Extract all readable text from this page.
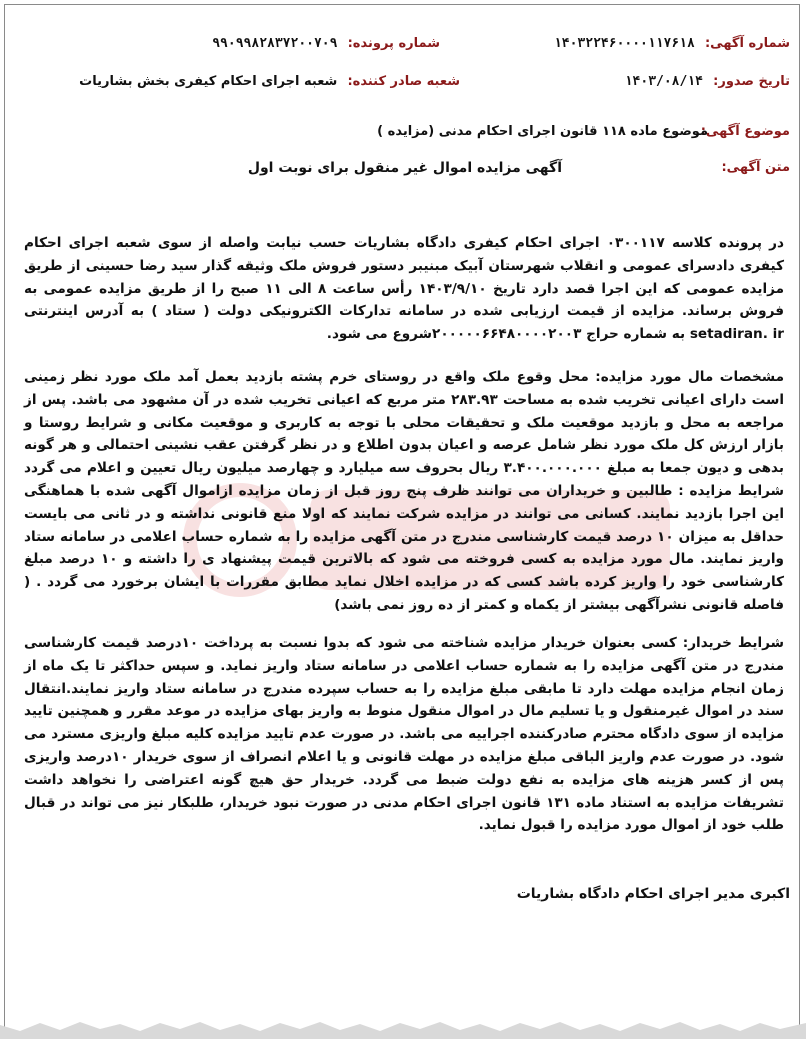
شماره آگهی: ۱۴۰۳۲۲۴۶۰۰۰۰۱۱۷۶۱۸
شماره پرونده: ۹۹۰۹۹۸۲۸۳۷۲۰۰۷۰۹
تاریخ صدور: ۱۴۰۳/۰۸/۱۴
شعبه صادر کننده: شعبه اجرای احکام کیفری بخش بشاریات
موضوع آگهی:
موضوع ماده ۱۱۸ قانون اجرای احکام مدنی (مزایده )
متن آگهی:
آگهی مزایده اموال غیر منقول برای نوبت اول
در پرونده کلاسه ۰۳۰۰۱۱۷ اجرای احکام کیفری دادگاه بشاریات حسب نیابت واصله از سوی شعبه اجرای احکام کیفری دادسرای عمومی و انقلاب شهرستان آبیک مبنیبر دستور فروش ملک وثیقه گذار سید رضا حسینی از طریق مزایده عمومی که این اجرا قصد دارد تاریخ ۱۴۰۳/۹/۱۰ رأس ساعت ۸ الی ۱۱ صبح را از طریق مزایده عمومی به فروش برساند. مزایده از قیمت ارزیابی شده در سامانه تدارکات الکترونیکی دولت ( ستاد ) به آدرس اینترنتی setadiran. ir به شماره حراج ۲۰۰۰۰۰۶۶۴۸۰۰۰۰۲۰۰۳شروع می شود.
مشخصات مال مورد مزایده: محل وقوع ملک واقع در روستای خرم پشته بازدید بعمل آمد ملک مورد نظر زمینی است دارای اعیانی تخریب شده به مساحت ۲۸۳.۹۳ متر مربع که اعیانی تخریب شده در آن مشهود می باشد. پس از مراجعه به محل و بازدید موقعیت ملک و تحقیقات محلی با توجه به کاربری و موقعیت مکانی و شرایط روستا و بازار ارزش کل ملک مورد نظر شامل عرصه و اعیان بدون اطلاع و در نظر گرفتن عقب نشینی احتمالی و هر گونه بدهی و دیون جمعا به مبلغ ۳.۴۰۰.۰۰۰.۰۰۰ ریال بحروف سه میلیارد و چهارصد میلیون ریال تعیین و اعلام می گردد شرایط مزایده : طالبین و خریداران می توانند ظرف پنج روز قبل از زمان مزایده ازاموال آگهی شده با هماهنگی این اجرا بازدید نمایند. کسانی می توانند در مزایده شرکت نمایند که اولا منع قانونی نداشته و در ثانی می بایست حداقل به میزان ۱۰ درصد قیمت کارشناسی مندرج در متن آگهی مزایده را به شماره حساب اعلامی در سامانه ستاد واریز نمایند. مال مورد مزایده به کسی فروخته می شود که بالاترین قیمت پیشنهاد ی را داشته و ۱۰ درصد مبلغ کارشناسی خود را واریز کرده باشد کسی که در مزایده اخلال نماید مطابق مقررات با ایشان برخورد می گردد . ( فاصله قانونی نشرآگهی بیشتر از یکماه و کمتر از ده روز نمی باشد)
شرایط خریدار: کسی بعنوان خریدار مزایده شناخته می شود که بدوا نسبت به پرداخت ۱۰درصد قیمت کارشناسی مندرج در متن آگهی مزایده را به شماره حساب اعلامی در سامانه ستاد واریز نماید. و سپس حداکثر تا یک ماه از زمان انجام مزایده مهلت دارد تا مابقی مبلغ مزایده را به حساب سپرده مندرج در سامانه ستاد واریز نمایند.انتقال سند در اموال غیرمنقول و یا تسلیم مال در اموال منقول منوط به واریز بهای مزایده در موعد مقرر و همچنین تایید مزایده از سوی دادگاه محترم صادرکننده اجراییه می باشد. در صورت عدم تایید مزایده کلیه مبلغ واریزی مسترد می شود. در صورت عدم واریز الباقی مبلغ مزایده در مهلت قانونی و یا اعلام انصراف از سوی خریدار ۱۰درصد واریزی پس از کسر هزینه های مزایده به نفع دولت ضبط می گردد. خریدار حق هیچ گونه اعتراضی را نخواهد داشت تشریفات مزایده به استناد ماده ۱۳۱ قانون اجرای احکام مدنی در صورت نبود خریدار، طلبکار نیز می تواند در قبال طلب خود از اموال مورد مزایده را قبول نماید.
اکبری مدیر اجرای احکام دادگاه بشاریات
